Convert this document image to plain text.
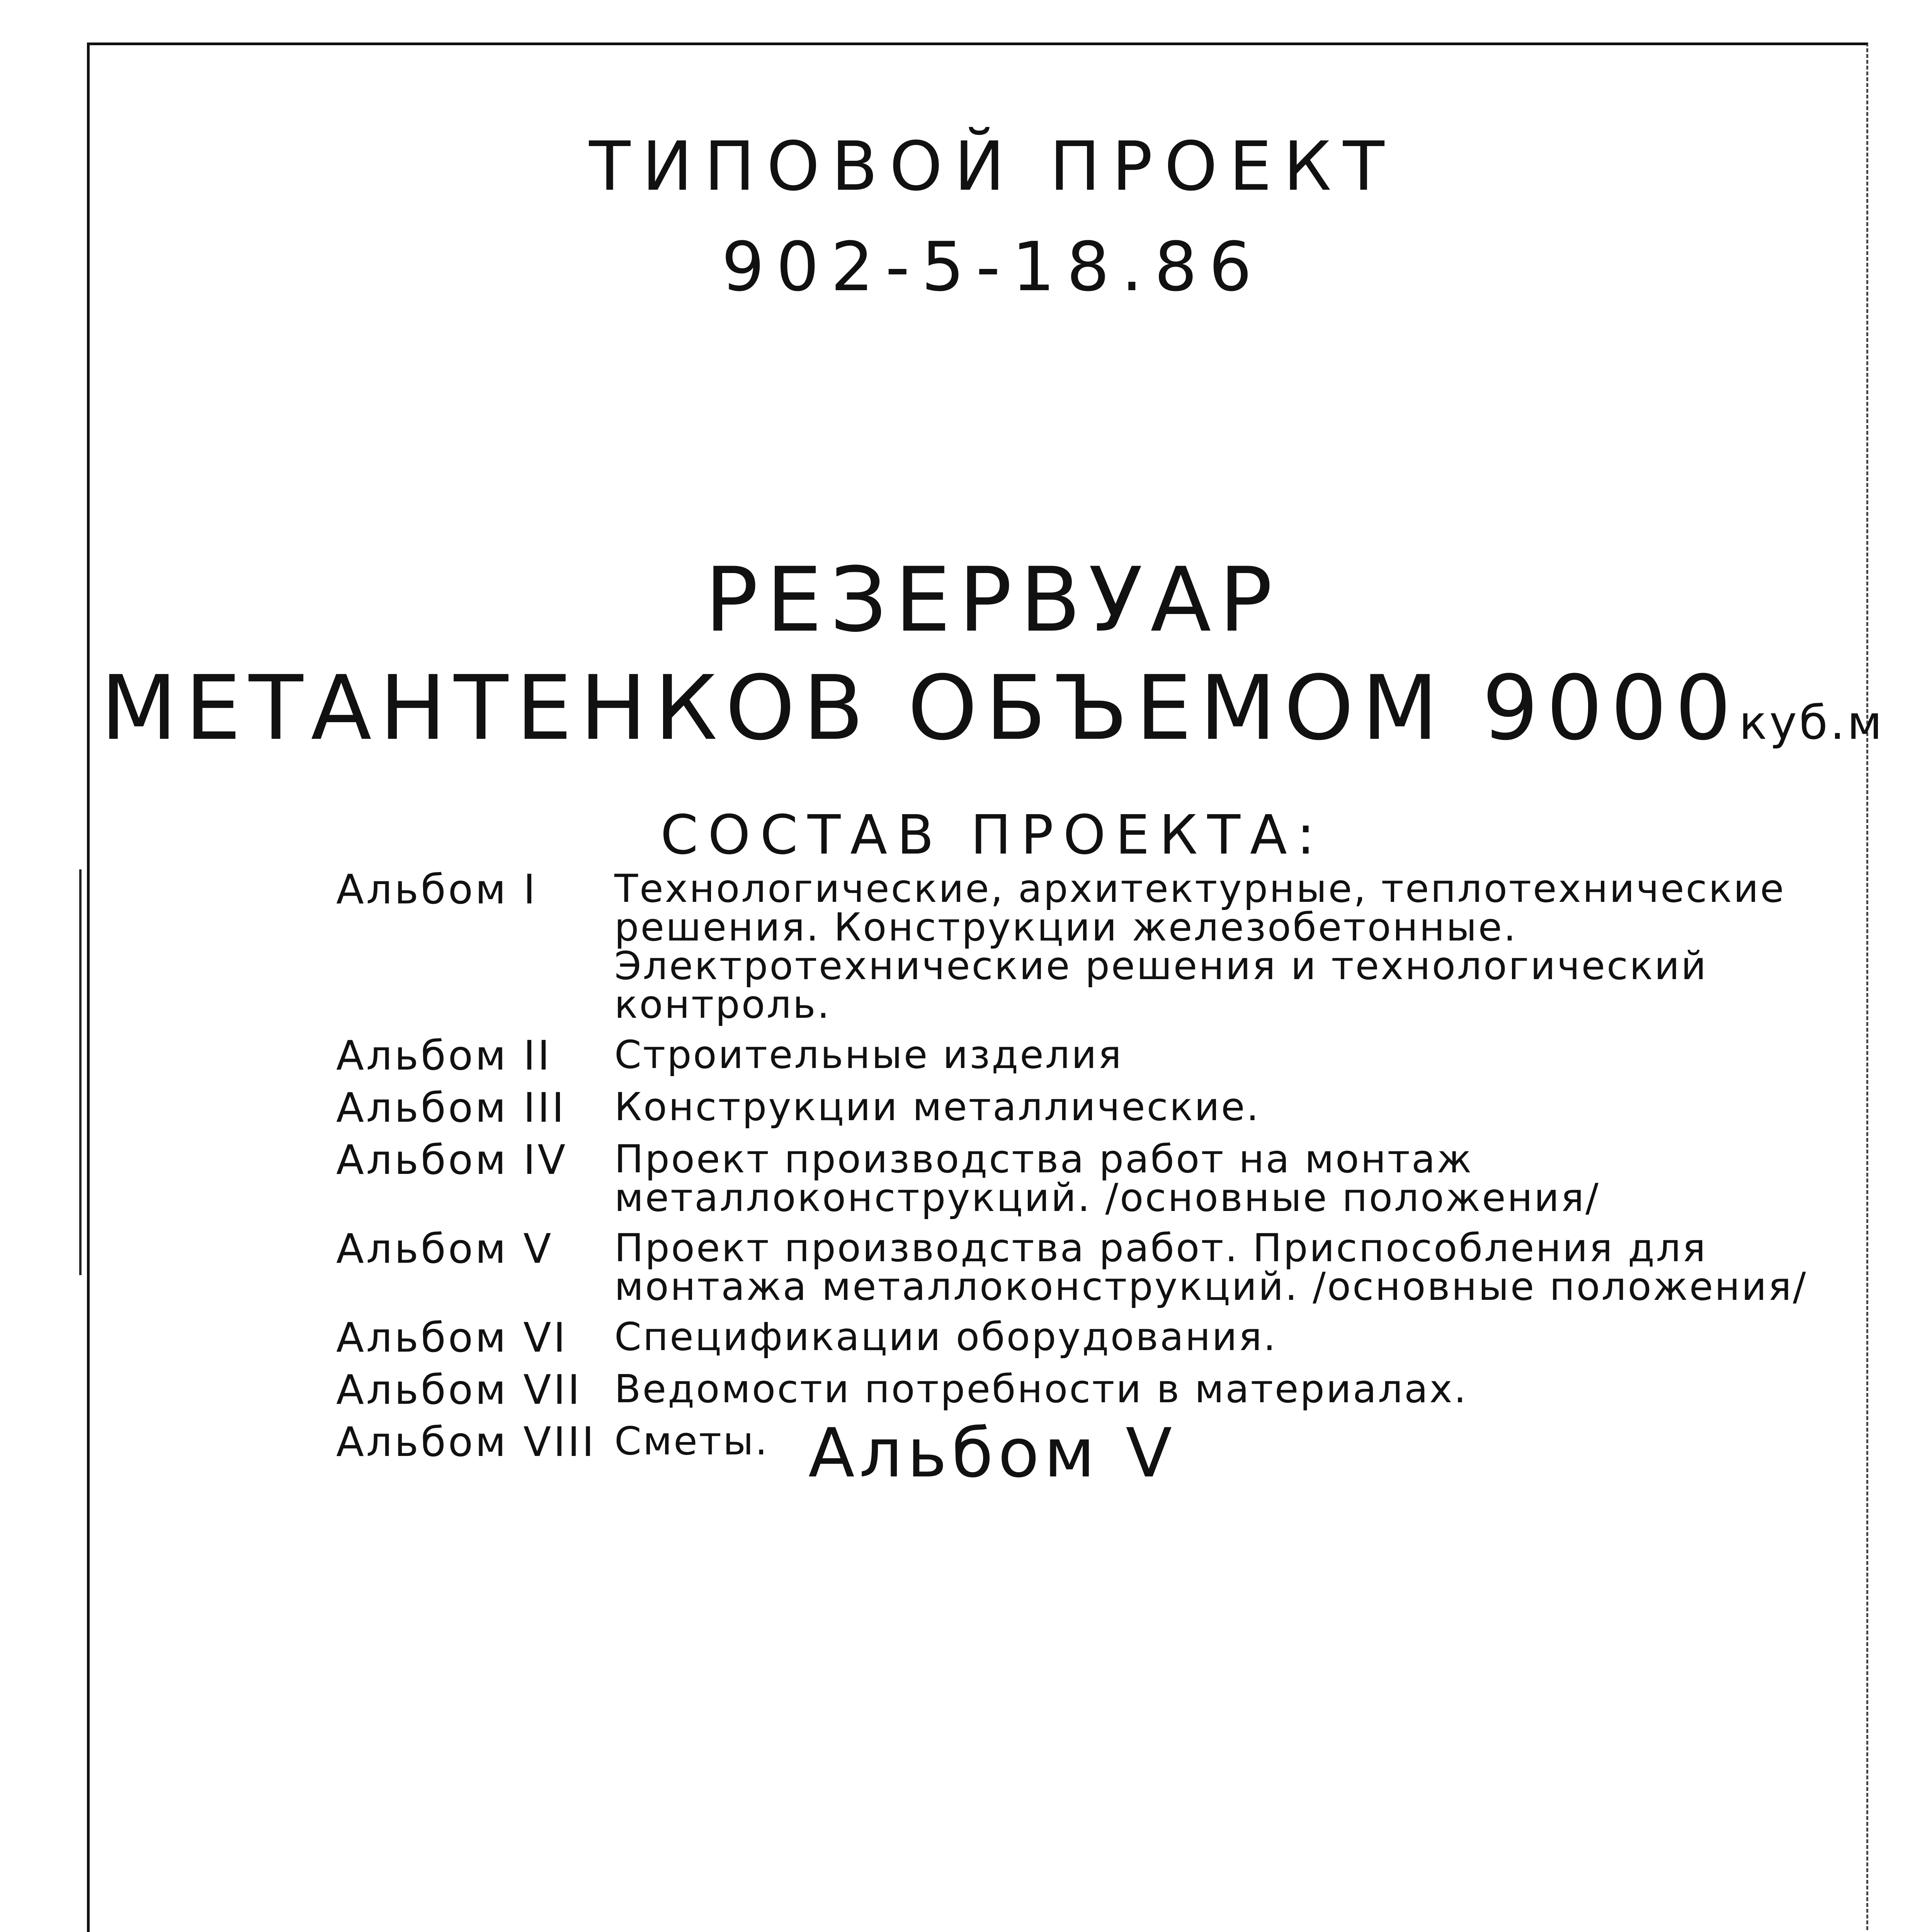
ТИПОВОЙ ПРОЕКТ
902-5-18.86
РЕЗЕРВУАР
МЕТАНТЕНКОВ ОБЪЕМОМ 9000куб.м
СОСТАВ ПРОЕКТА:
Альбом I	Технологические, архитектурные, теплотехнические решения. Конструкции железобетонные. Электротехнические решения и технологический контроль.
Альбом II	Строительные изделия
Альбом III	Конструкции металлические.
Альбом IV	Проект производства работ на монтаж металлоконструкций. /основные положения/
Альбом V	Проект производства работ. Приспособления для монтажа металлоконструкций. /основные положения/
Альбом VI	Спецификации оборудования.
Альбом VII Ведомости потребности в материалах.
Альбом VIII Сметы. Альбом V
